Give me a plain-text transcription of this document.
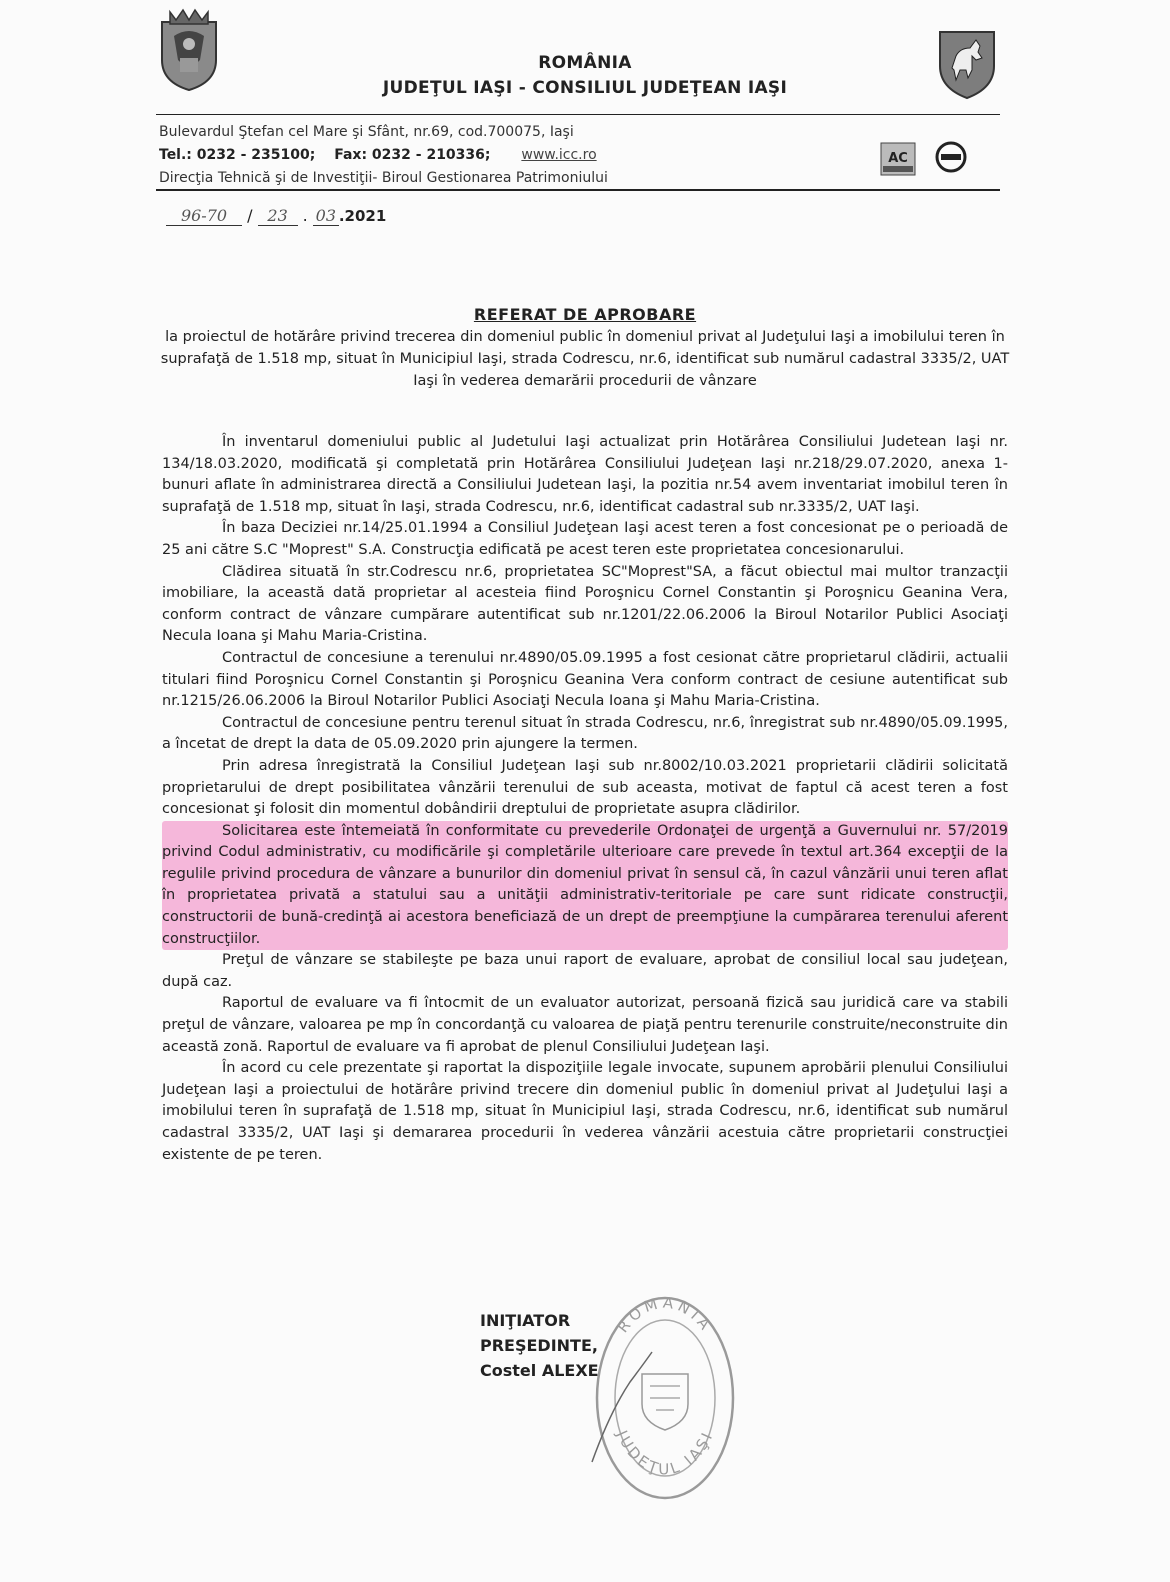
ROMÂNIA
JUDEŢUL IAŞI - CONSILIUL JUDEŢEAN IAŞI
Bulevardul Ştefan cel Mare şi Sfânt, nr.69, cod.700075, Iaşi
Tel.: 0232 - 235100; Fax: 0232 - 210336; www.icc.ro
Direcţia Tehnică şi de Investiţii- Biroul Gestionarea Patrimoniului
AC
96-70 / 23 . 03 .2021
REFERAT DE APROBARE
la proiectul de hotărâre privind trecerea din domeniul public în domeniul privat al Judeţului Iaşi a imobilului teren în suprafaţă de 1.518 mp, situat în Municipiul Iaşi, strada Codrescu, nr.6, identificat sub numărul cadastral 3335/2, UAT Iaşi în vederea demarării procedurii de vânzare

În inventarul domeniului public al Judetului Iaşi actualizat prin Hotărârea Consiliului Judetean Iaşi nr. 134/18.03.2020, modificată şi completată prin Hotărârea Consiliului Judeţean Iaşi nr.218/29.07.2020, anexa 1- bunuri aflate în administrarea directă a Consiliului Judetean Iaşi, la pozitia nr.54 avem inventariat imobilul teren în suprafaţă de 1.518 mp, situat în Iaşi, strada Codrescu, nr.6, identificat cadastral sub nr.3335/2, UAT Iaşi.

În baza Deciziei nr.14/25.01.1994 a Consiliul Judeţean Iaşi acest teren a fost concesionat pe o perioadă de 25 ani către S.C "Moprest" S.A. Construcţia edificată pe acest teren este proprietatea concesionarului.

Clădirea situată în str.Codrescu nr.6, proprietatea SC"Moprest"SA, a făcut obiectul mai multor tranzacţii imobiliare, la această dată proprietar al acesteia fiind Poroşnicu Cornel Constantin şi Poroşnicu Geanina Vera, conform contract de vânzare cumpărare autentificat sub nr.1201/22.06.2006 la Biroul Notarilor Publici Asociaţi Necula Ioana şi Mahu Maria-Cristina.

Contractul de concesiune a terenului nr.4890/05.09.1995 a fost cesionat către proprietarul clădirii, actualii titulari fiind Poroşnicu Cornel Constantin şi Poroşnicu Geanina Vera conform contract de cesiune autentificat sub nr.1215/26.06.2006 la Biroul Notarilor Publici Asociaţi Necula Ioana şi Mahu Maria-Cristina.

Contractul de concesiune pentru terenul situat în strada Codrescu, nr.6, înregistrat sub nr.4890/05.09.1995, a încetat de drept la data de 05.09.2020 prin ajungere la termen.

Prin adresa înregistrată la Consiliul Judeţean Iaşi sub nr.8002/10.03.2021 proprietarii clădirii solicitată proprietarului de drept posibilitatea vânzării terenului de sub aceasta, motivat de faptul că acest teren a fost concesionat şi folosit din momentul dobândirii dreptului de proprietate asupra clădirilor.

Solicitarea este întemeiată în conformitate cu prevederile Ordonaţei de urgenţă a Guvernului nr. 57/2019 privind Codul administrativ, cu modificările şi completările ulterioare care prevede în textul art.364 excepţii de la regulile privind procedura de vânzare a bunurilor din domeniul privat în sensul că, în cazul vânzării unui teren aflat în proprietatea privată a statului sau a unităţii administrativ-teritoriale pe care sunt ridicate construcţii, constructorii de bună-credinţă ai acestora beneficiază de un drept de preempţiune la cumpărarea terenului aferent construcţiilor.

Preţul de vânzare se stabileşte pe baza unui raport de evaluare, aprobat de consiliul local sau judeţean, după caz.

Raportul de evaluare va fi întocmit de un evaluator autorizat, persoană fizică sau juridică care va stabili preţul de vânzare, valoarea pe mp în concordanţă cu valoarea de piaţă pentru terenurile construite/neconstruite din această zonă. Raportul de evaluare va fi aprobat de plenul Consiliului Judeţean Iaşi.

În acord cu cele prezentate şi raportat la dispoziţiile legale invocate, supunem aprobării plenului Consiliului Judeţean Iaşi a proiectului de hotărâre privind trecere din domeniul public în domeniul privat al Judeţului Iaşi a imobilului teren în suprafaţă de 1.518 mp, situat în Municipiul Iaşi, strada Codrescu, nr.6, identificat sub numărul cadastral 3335/2, UAT Iaşi şi demararea procedurii în vederea vânzării acestuia către proprietarii construcţiei existente de pe teren.

ROMANIA
JUDEŢUL IAŞI
INIŢIATOR
PREŞEDINTE,
Costel ALEXE
